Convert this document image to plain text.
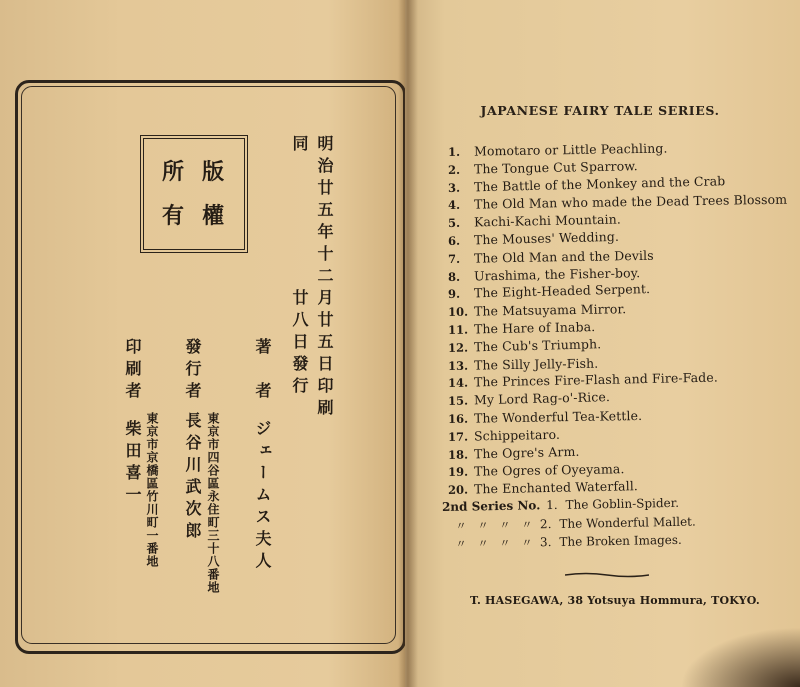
版
權
所
有	明治廿五年十二月廿五日印刷
同　　　　　　廿八日發行
著　者
ジェームス夫人
發行者
東京市四谷區永住町三十八番地
長谷川武次郎
印刷者
東京市京橋區竹川町一番地
柴田喜一
JAPANESE FAIRY TALE SERIES.
1. Momotaro or Little Peachling.
2. The Tongue Cut Sparrow.
3. The Battle of the Monkey and the Crab
4. The Old Man who made the Dead Trees Blossom
5. Kachi-Kachi Mountain.
6. The Mouses' Wedding.
7. The Old Man and the Devils
8. Urashima, the Fisher-boy.
9. The Eight-Headed Serpent.
10. The Matsuyama Mirror.
11. The Hare of Inaba.
12. The Cub's Triumph.
13. The Silly Jelly-Fish.
14. The Princes Fire-Flash and Fire-Fade.
15. My Lord Rag-o'-Rice.
16. The Wonderful Tea-Kettle.
17. Schippeitaro.
18. The Ogre's Arm.
19. The Ogres of Oyeyama.
20. The Enchanted Waterfall.
2nd Series No. 1. The Goblin-Spider.
〃 〃 〃 〃 2. The Wonderful Mallet.
〃 〃 〃 〃 3. The Broken Images.
T. HASEGAWA, 38 Yotsuya Hommura, TOKYO.
